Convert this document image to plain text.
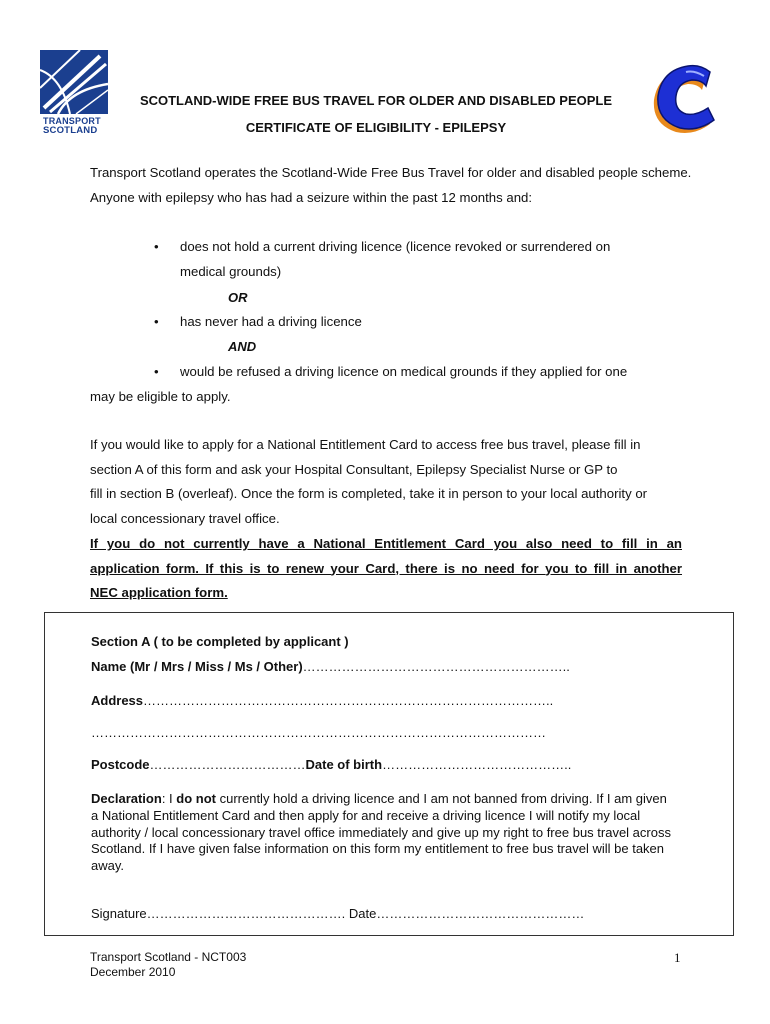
TRANSPORT
SCOTLAND
SCOTLAND-WIDE FREE BUS TRAVEL FOR OLDER AND DISABLED PEOPLE
CERTIFICATE OF ELIGIBILITY - EPILEPSY
Transport Scotland operates the Scotland-Wide Free Bus Travel for older and disabled people scheme.
Anyone with epilepsy who has had a seizure within the past 12 months and:
• does not hold a current driving licence (licence revoked or surrendered on
medical grounds)
OR
• has never had a driving licence
AND
• would be refused a driving licence on medical grounds if they applied for one
may be eligible to apply.
If you would like to apply for a National Entitlement Card to access free bus travel, please fill in
section A of this form and ask your Hospital Consultant, Epilepsy Specialist Nurse or GP to
fill in section B (overleaf). Once the form is completed, take it in person to your local authority or
local concessionary travel office.
If you do not currently have a National Entitlement Card you also need to fill in an
application form. If this is to renew your Card, there is no need for you to fill in another
NEC application form.
Section A ( to be completed by applicant )
Name (Mr / Mrs / Miss / Ms / Other)……………………………………………………..
Address…………………………………………………………………………………..
……………………………………………………………………………………………
Postcode………………………………Date of birth……………………………………..
Declaration: I do not currently hold a driving licence and I am not banned from driving. If I am given a National Entitlement Card and then apply for and receive a driving licence I will notify my local authority / local concessionary travel office immediately and give up my right to free bus travel across Scotland. If I have given false information on this form my entitlement to free bus travel will be taken away.
Signature………………………………………. Date…………………………………………
Transport Scotland - NCT003
December 2010
1
